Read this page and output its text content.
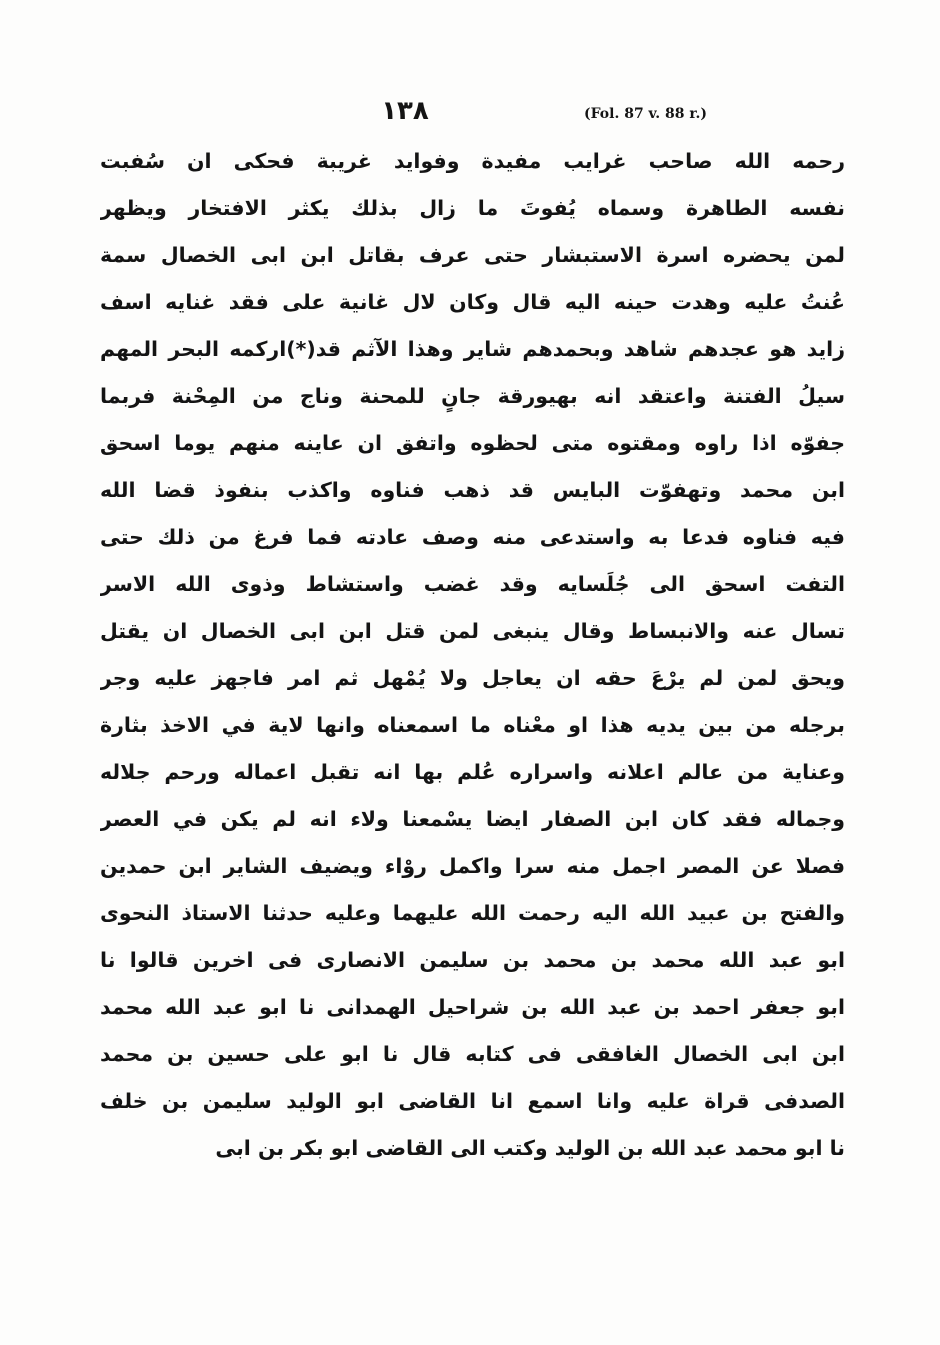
١٣٨	(Fol. 87 v. 88 r.)
رحمه الله صاحب غرايب مفيدة وفوايد غريبة فحكى ان سُفبت
نفسه الطاهرة وسماه يُفوتَ ما زال بذلك يكثر الافتخار ويظهر
لمن يحضره اسرة الاستبشار حتى عرف بقاتل ابن ابى الخصال سمة
عُنتُ عليه وهدت حينه اليه قال وكان لال غانية على فقد غنايه اسف
زايد هو عجدهم شاهد وبحمدهم شاير وهذا الآثم قد(*)اركمه البحر المهم
سيلُ الفتنة واعتقد انه بهيورقة جانٍ للمحنة وناج من المِحْنة فربما
جفوّه اذا راوه ومقتوه متى لحظوه واتفق ان عاينه منهم يوما اسحق
ابن محمد وتهفوّت البايس قد ذهب فناوه واكذب بنفوذ قضا الله
فيه فناوه فدعا به واستدعى منه وصف عادته فما فرغ من ذلك حتى
التفت اسحق الى جُلَسايه وقد غضب واستشاط وذوى الله الاسر
تسال عنه والانبساط وقال ينبغى لمن قتل ابن ابى الخصال ان يقتل
ويحق لمن لم يرْعَ حقه ان يعاجل ولا يُمْهل ثم امر فاجهز عليه وجر
برجله من بين يديه هذا او معْناه ما اسمعناه وانها لاية في الاخذ بثارة
وعناية من عالم اعلانه واسراره عُلم بها انه تقبل اعماله ورحم جلاله
وجماله فقد كان ابن الصفار ايضا يسْمعنا ولاء انه لم يكن في العصر
فصلا عن المصر اجمل منه سرا واكمل روْاء ويضيف الشاير ابن حمدين
والفتح بن عبيد الله اليه رحمت الله عليهما وعليه حدثنا الاستاذ النحوى
ابو عبد الله محمد بن محمد بن سليمن الانصارى فى اخرين قالوا نا
ابو جعفر احمد بن عبد الله بن شراحيل الهمدانى نا ابو عبد الله محمد
ابن ابى الخصال الغافقى فى كتابه قال نا ابو على حسين بن محمد
الصدفى قراة عليه وانا اسمع انا القاضى ابو الوليد سليمن بن خلف
نا ابو محمد عبد الله بن الوليد وكتب الى القاضى ابو بكر بن ابى
